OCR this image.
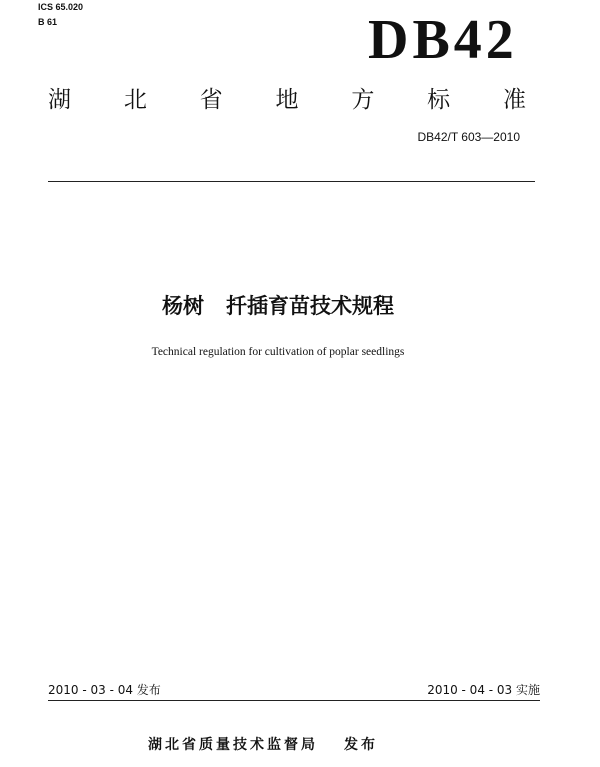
ICS 65.020
B 61	DB42
湖 北 省 地 方 标 准
DB42/T 603—2010
杨树 扦插育苗技术规程
Technical regulation for cultivation of poplar seedlings
2010 - 03 - 04 发布	2010 - 04 - 03 实施
湖北省质量技术监督局 发布
